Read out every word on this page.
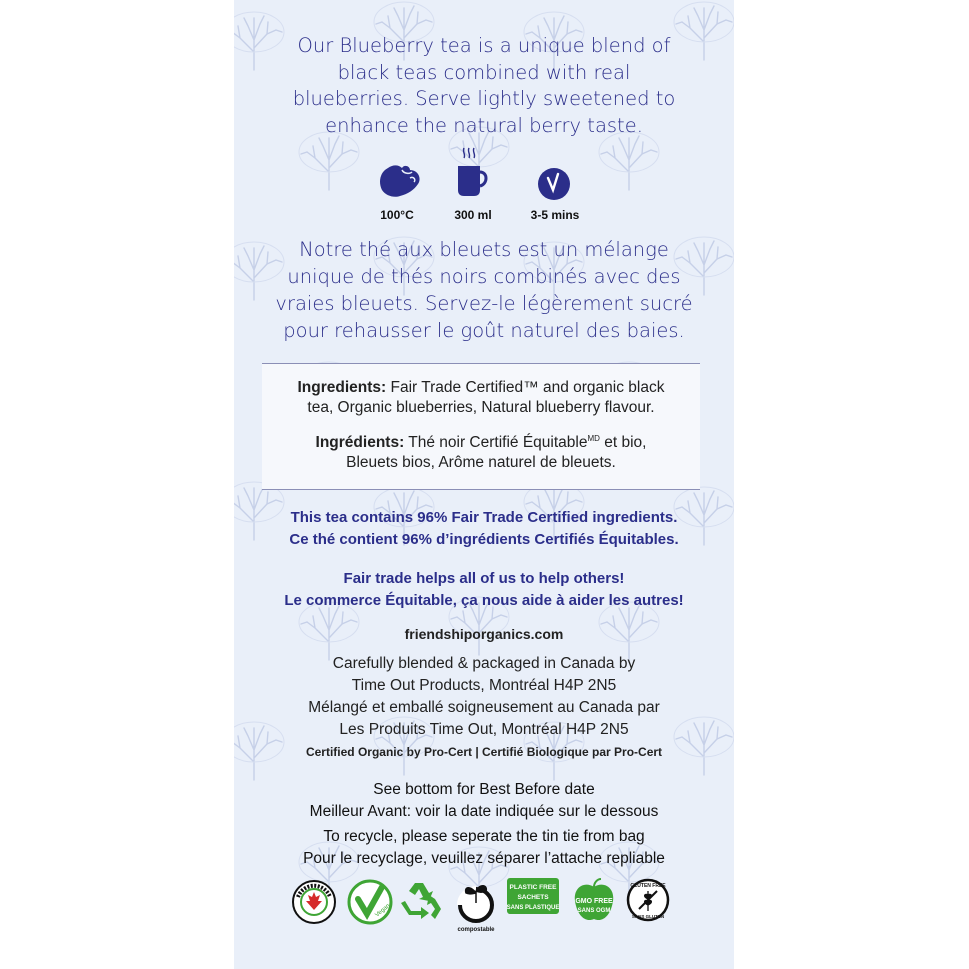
Our Blueberry tea is a unique blend of
black teas combined with real
blueberries. Serve lightly sweetened to
enhance the natural berry taste.
100°C	300 ml	3-5 mins
Notre thé aux bleuets est un mélange
unique de thés noirs combinés avec des
vraies bleuets. Servez-le légèrement sucré
pour rehausser le goût naturel des baies.
Ingredients: Fair Trade Certified™ and organic black
tea, Organic blueberries, Natural blueberry flavour.
Ingrédients: Thé noir Certifié Équitable$^{MD}$ et bio,
Bleuets bios, Arôme naturel de bleuets.
This tea contains 96% Fair Trade Certified ingredients.
Ce thé contient 96% d’ingrédients Certifiés Équitables.
Fair trade helps all of us to help others!
Le commerce Équitable, ça nous aide à aider les autres!
friendshiporganics.com
Carefully blended & packaged in Canada by
Time Out Products, Montréal H4P 2N5
Mélangé et emballé soigneusement au Canada par
Les Produits Time Out, Montréal H4P 2N5
Certified Organic by Pro-Cert | Certifié Biologique par Pro-Cert
See bottom for Best Before date
Meilleur Avant: voir la date indiquée sur le dessous
To recycle, please seperate the tin tie from bag
Pour le recyclage, veuillez séparer l’attache repliable
Vegan
compostable
PLASTIC FREE
SACHETS
SANS PLASTIQUE
GMO FREE
SANS OGM
GLUTEN FREE
SANS GLUTEN
